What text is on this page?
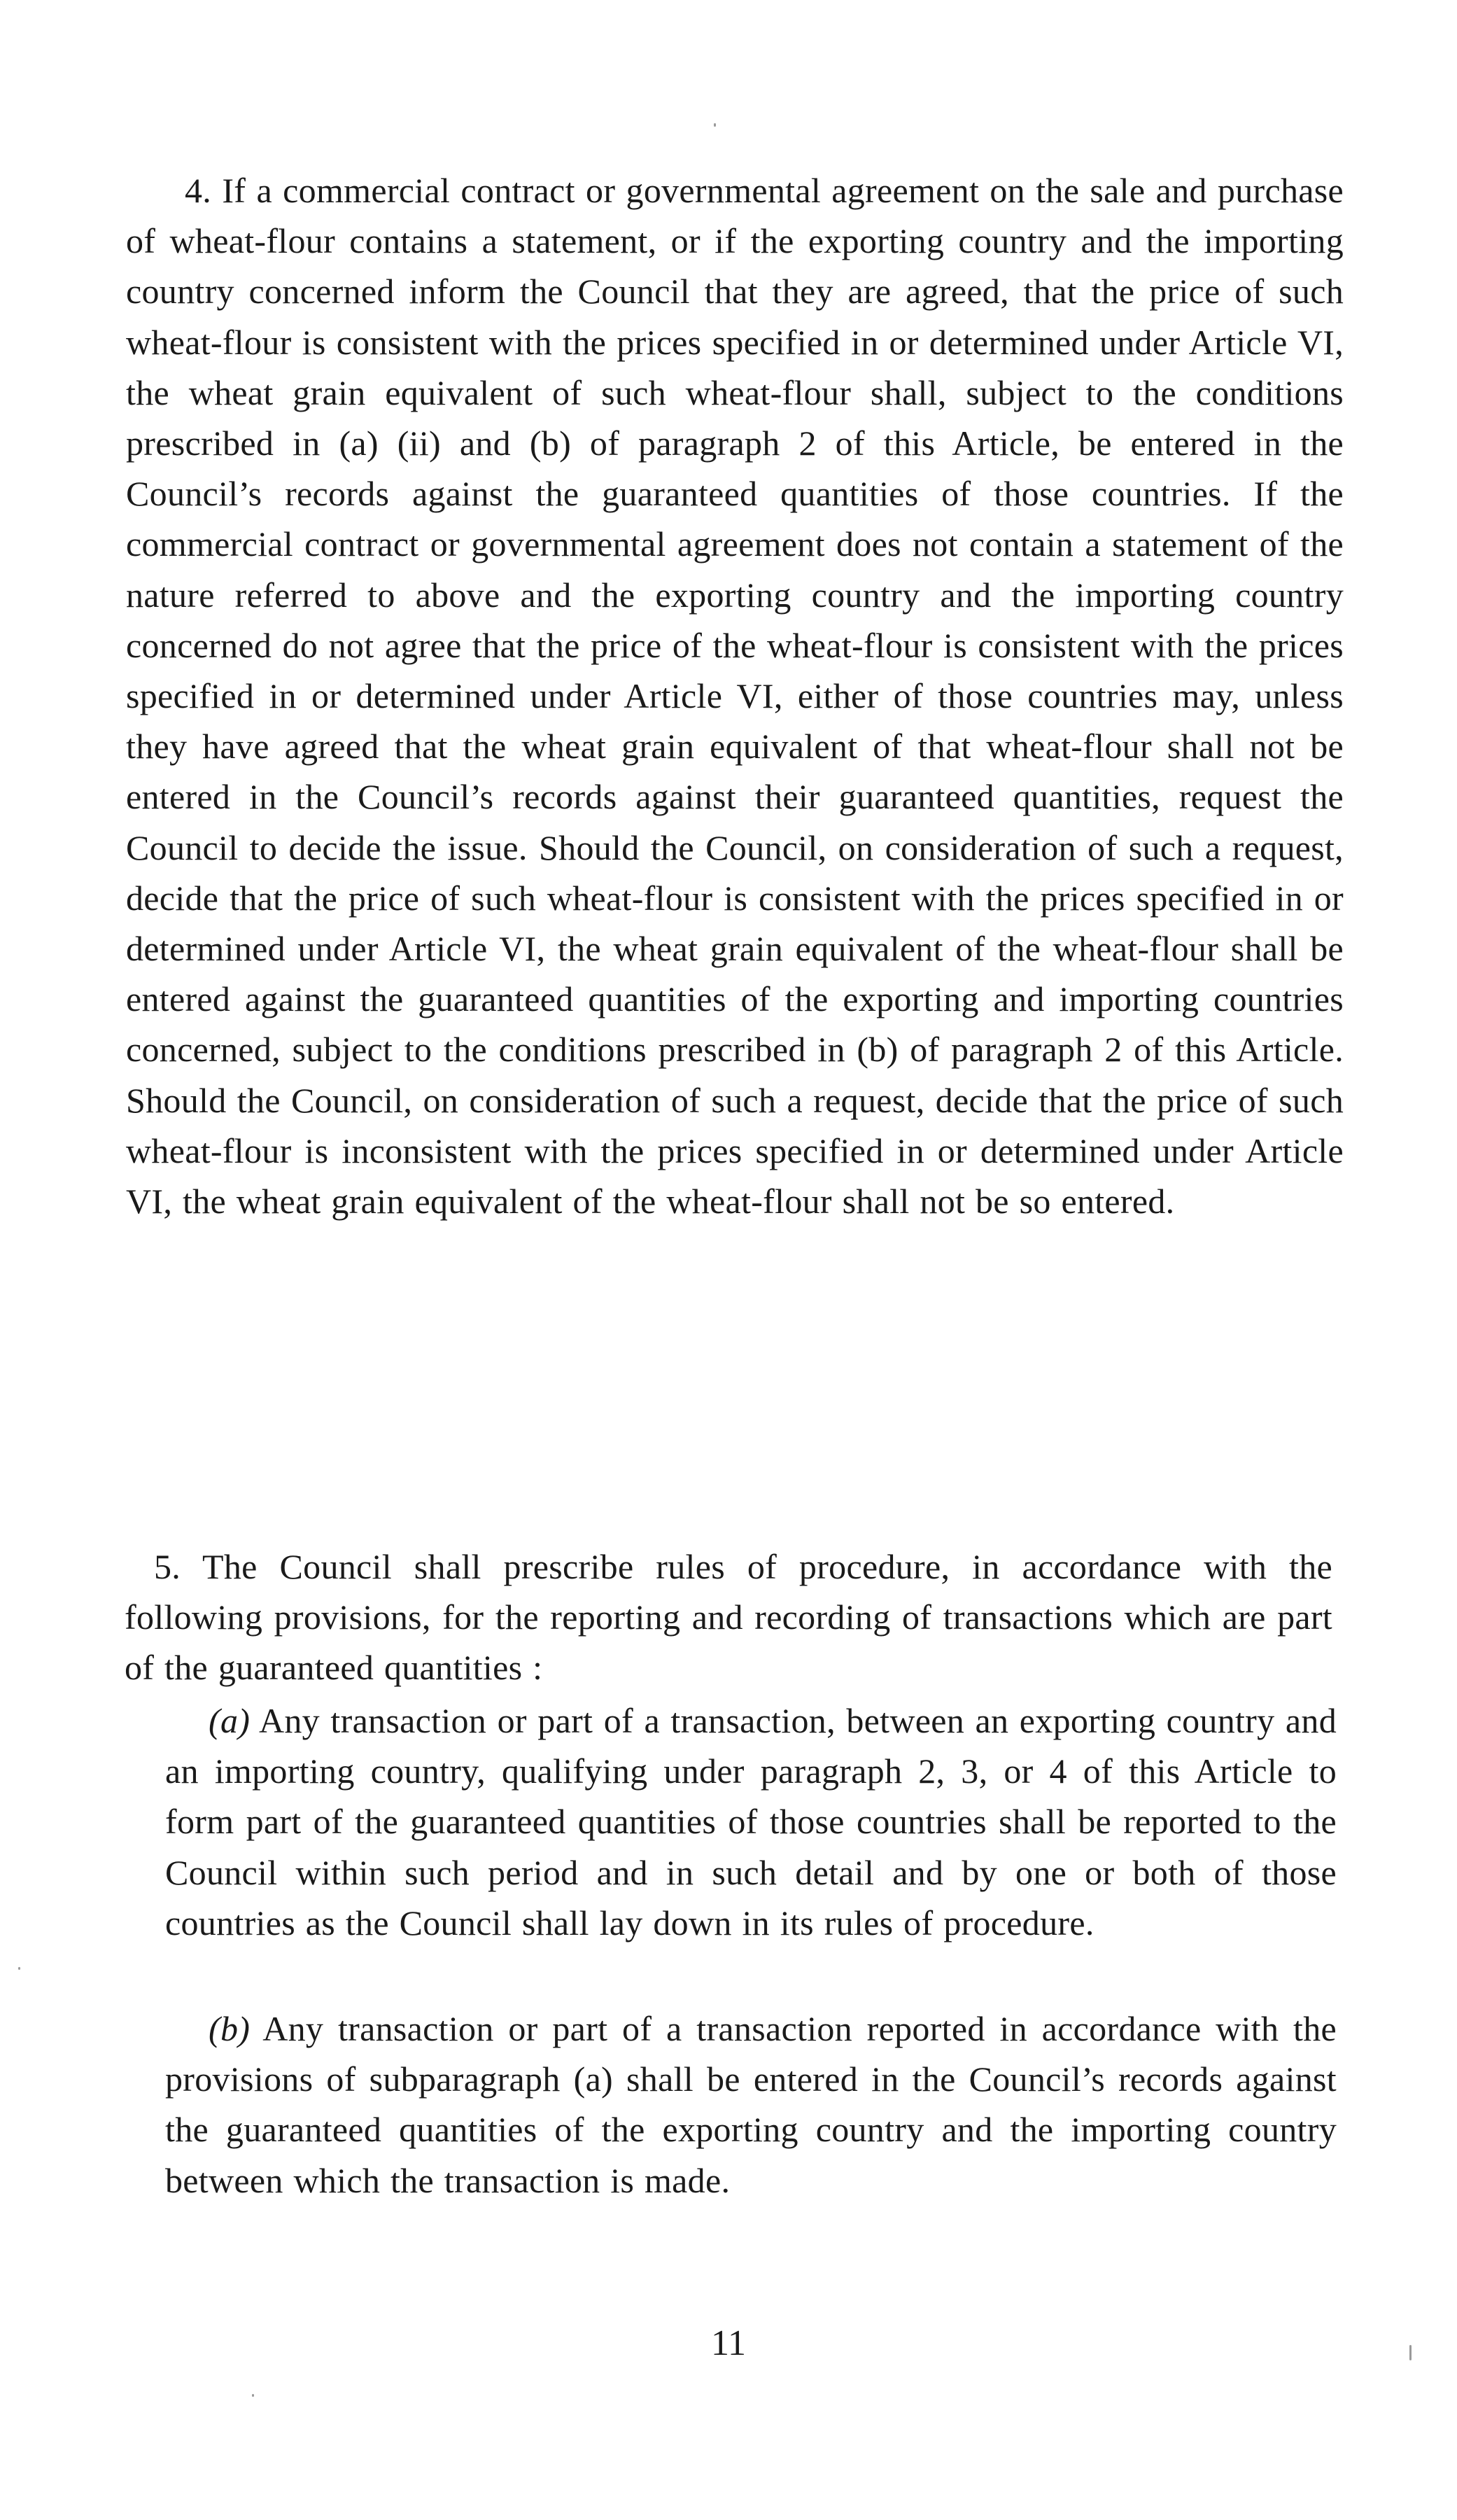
4. If a commercial contract or governmental agreement on the sale and purchase of wheat-flour contains a statement, or if the exporting country and the importing country concerned inform the Council that they are agreed, that the price of such wheat-flour is consistent with the prices specified in or determined under Article VI, the wheat grain equivalent of such wheat-flour shall, subject to the conditions prescribed in (a) (ii) and (b) of paragraph 2 of this Article, be entered in the Council’s records against the guaranteed quantities of those countries. If the commercial contract or governmental agreement does not contain a statement of the nature referred to above and the exporting country and the importing country concerned do not agree that the price of the wheat-flour is consistent with the prices specified in or determined under Article VI, either of those countries may, unless they have agreed that the wheat grain equivalent of that wheat-flour shall not be entered in the Council’s records against their guaranteed quantities, request the Council to decide the issue. Should the Council, on consideration of such a request, decide that the price of such wheat-flour is consistent with the prices specified in or determined under Article VI, the wheat grain equivalent of the wheat-flour shall be entered against the guaranteed quantities of the exporting and importing countries concerned, subject to the conditions prescribed in (b) of paragraph 2 of this Article. Should the Council, on consideration of such a request, decide that the price of such wheat-flour is inconsistent with the prices specified in or determined under Article VI, the wheat grain equivalent of the wheat-flour shall not be so entered.

5. The Council shall prescribe rules of procedure, in accordance with the following provisions, for the reporting and recording of transactions which are part of the guaranteed quantities :

(a) Any transaction or part of a transaction, between an exporting country and an importing country, qualifying under paragraph 2, 3, or 4 of this Article to form part of the guaranteed quantities of those countries shall be reported to the Council within such period and in such detail and by one or both of those countries as the Council shall lay down in its rules of procedure.

(b) Any transaction or part of a transaction reported in accordance with the provisions of subparagraph (a) shall be entered in the Council’s records against the guaranteed quantities of the exporting country and the importing country between which the transaction is made.

11
